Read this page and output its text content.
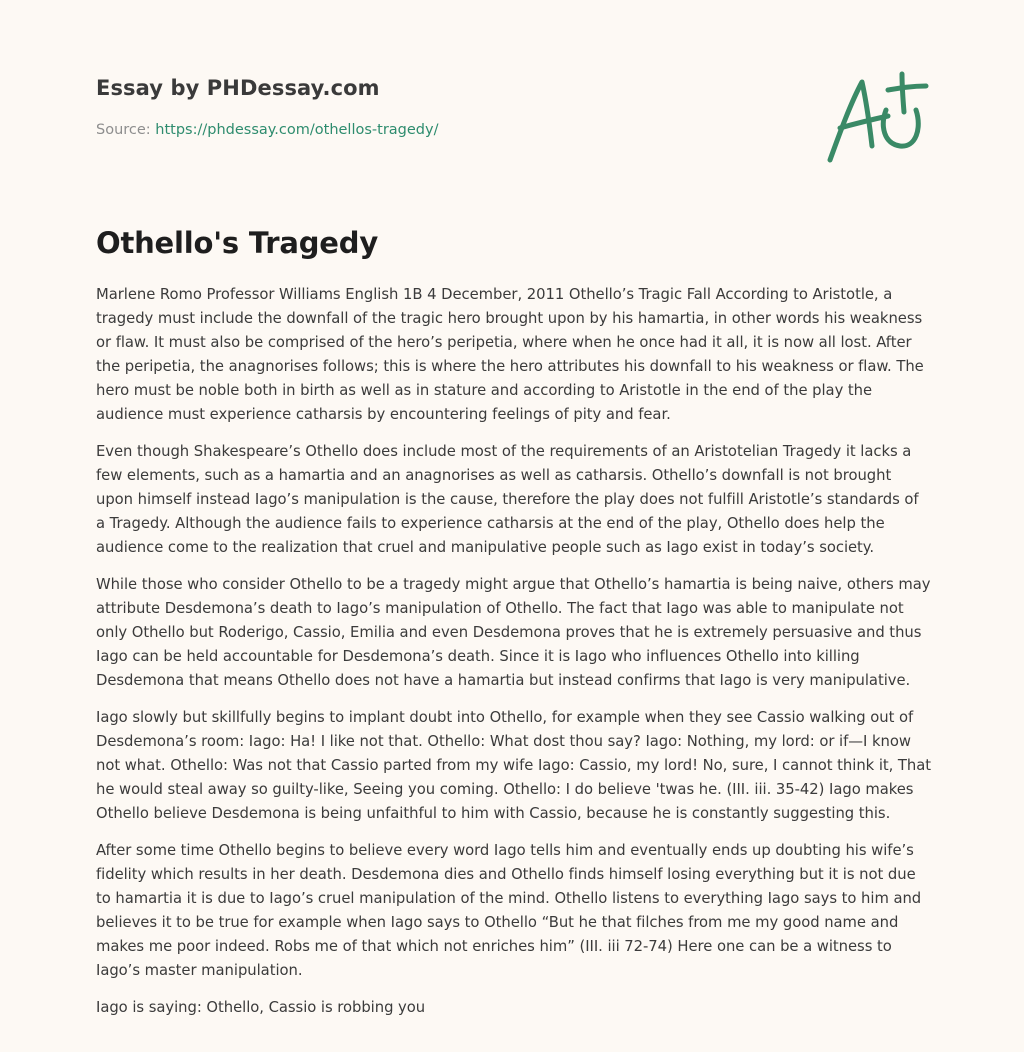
Essay by PHDessay.com
Source: https://phdessay.com/othellos-tragedy/
Othello's Tragedy

Marlene Romo Professor Williams English 1B 4 December, 2011 Othello’s Tragic Fall According to Aristotle, a tragedy must include the downfall of the tragic hero brought upon by his hamartia, in other words his weakness or flaw. It must also be comprised of the hero’s peripetia, where when he once had it all, it is now all lost. After the peripetia, the anagnorises follows; this is where the hero attributes his downfall to his weakness or flaw. The hero must be noble both in birth as well as in stature and according to Aristotle in the end of the play the audience must experience catharsis by encountering feelings of pity and fear.

Even though Shakespeare’s Othello does include most of the requirements of an Aristotelian Tragedy it lacks a few elements, such as a hamartia and an anagnorises as well as catharsis. Othello’s downfall is not brought upon himself instead Iago’s manipulation is the cause, therefore the play does not fulfill Aristotle’s standards of a Tragedy. Although the audience fails to experience catharsis at the end of the play, Othello does help the audience come to the realization that cruel and manipulative people such as Iago exist in today’s society.

While those who consider Othello to be a tragedy might argue that Othello’s hamartia is being naive, others may attribute Desdemona’s death to Iago’s manipulation of Othello. The fact that Iago was able to manipulate not only Othello but Roderigo, Cassio, Emilia and even Desdemona proves that he is extremely persuasive and thus Iago can be held accountable for Desdemona’s death. Since it is Iago who influences Othello into killing Desdemona that means Othello does not have a hamartia but instead confirms that Iago is very manipulative.

Iago slowly but skillfully begins to implant doubt into Othello, for example when they see Cassio walking out of Desdemona’s room: Iago: Ha! I like not that. Othello: What dost thou say? Iago: Nothing, my lord: or if—I know not what. Othello: Was not that Cassio parted from my wife Iago: Cassio, my lord! No, sure, I cannot think it, That he would steal away so guilty-like, Seeing you coming. Othello: I do believe 'twas he. (III. iii. 35-42) Iago makes Othello believe Desdemona is being unfaithful to him with Cassio, because he is constantly suggesting this.

After some time Othello begins to believe every word Iago tells him and eventually ends up doubting his wife’s fidelity which results in her death. Desdemona dies and Othello finds himself losing everything but it is not due to hamartia it is due to Iago’s cruel manipulation of the mind. Othello listens to everything Iago says to him and believes it to be true for example when Iago says to Othello “But he that filches from me my good name and makes me poor indeed. Robs me of that which not enriches him” (III. iii 72-74) Here one can be a witness to Iago’s master manipulation.

Iago is saying: Othello, Cassio is robbing you
